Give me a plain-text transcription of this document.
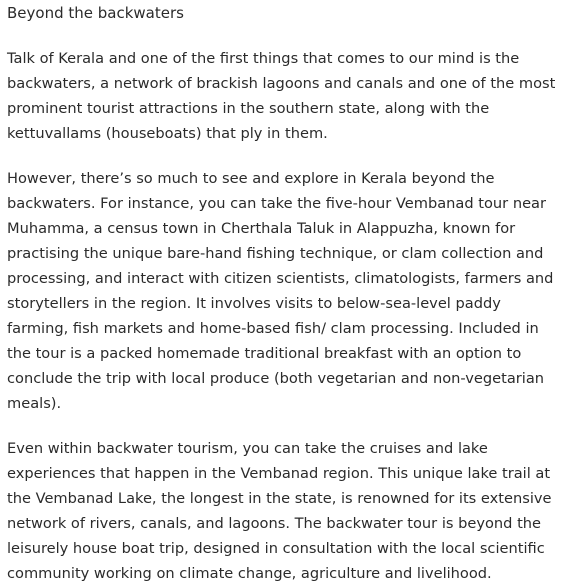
Beyond the backwaters

Talk of Kerala and one of the first things that comes to our mind is the backwaters, a network of brackish lagoons and canals and one of the most prominent tourist attractions in the southern state, along with the kettuvallams (houseboats) that ply in them.

However, there’s so much to see and explore in Kerala beyond the backwaters. For instance, you can take the five-hour Vembanad tour near Muhamma, a census town in Cherthala Taluk in Alappuzha, known for practising the unique bare-hand fishing technique, or clam collection and processing, and interact with citizen scientists, climatologists, farmers and storytellers in the region. It involves visits to below-sea-level paddy farming, fish markets and home-based fish/ clam processing. Included in the tour is a packed homemade traditional breakfast with an option to conclude the trip with local produce (both vegetarian and non-vegetarian meals).

Even within backwater tourism, you can take the cruises and lake experiences that happen in the Vembanad region. This unique lake trail at the Vembanad Lake, the longest in the state, is renowned for its extensive network of rivers, canals, and lagoons. The backwater tour is beyond the leisurely house boat trip, designed in consultation with the local scientific community working on climate change, agriculture and livelihood.
